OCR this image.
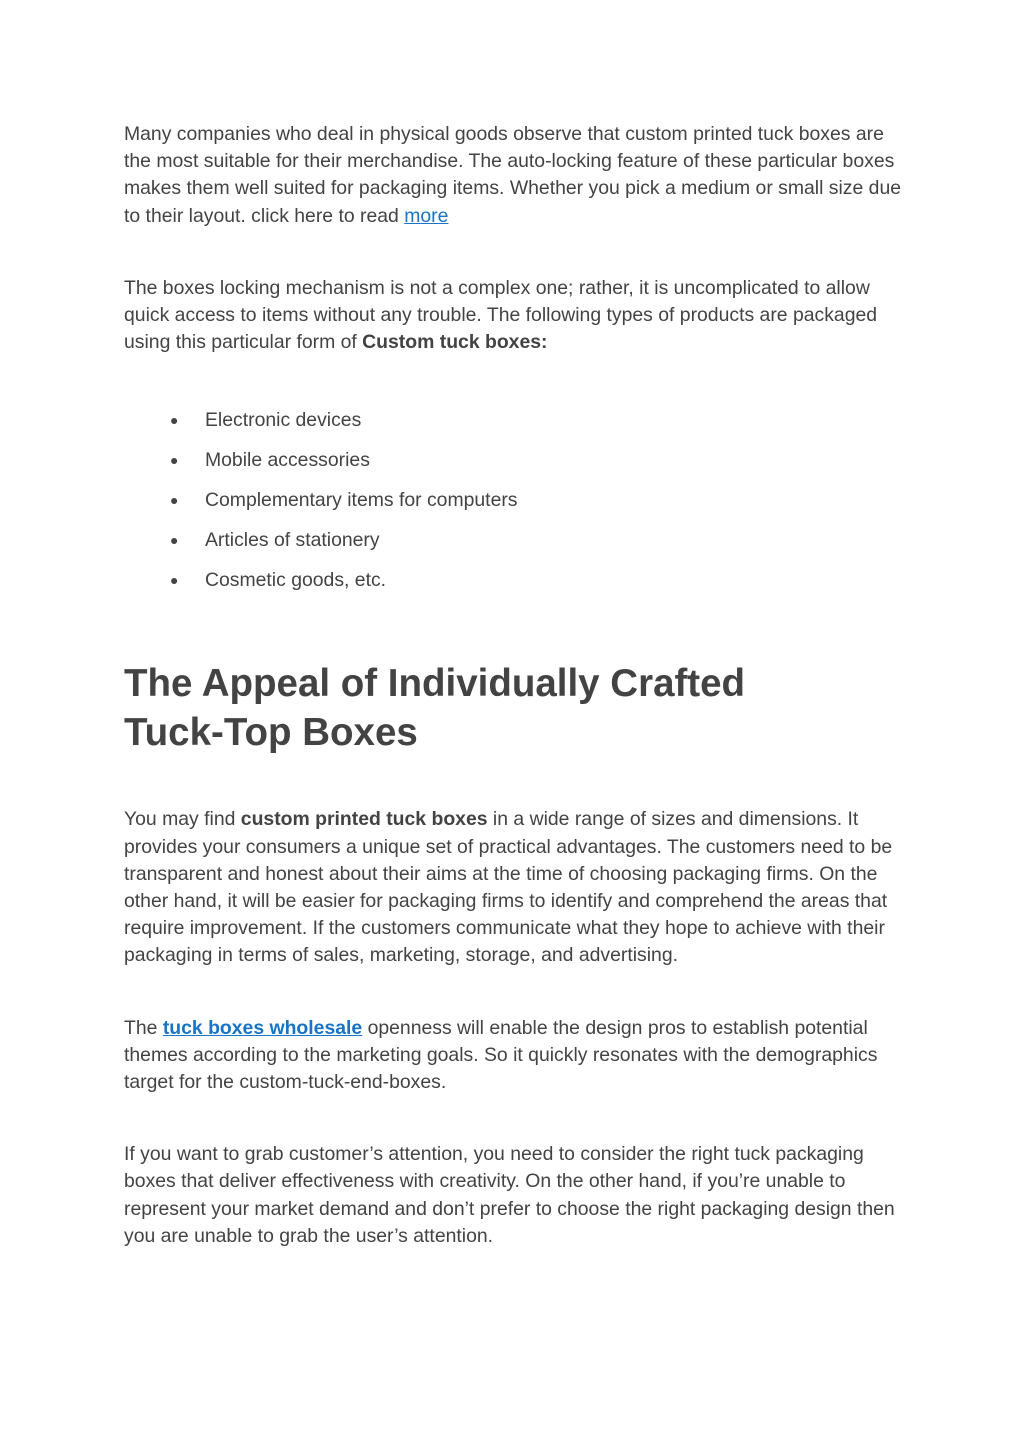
Many companies who deal in physical goods observe that custom printed tuck boxes are the most suitable for their merchandise. The auto-locking feature of these particular boxes makes them well suited for packaging items. Whether you pick a medium or small size due to their layout. click here to read more

The boxes locking mechanism is not a complex one; rather, it is uncomplicated to allow quick access to items without any trouble. The following types of products are packaged using this particular form of Custom tuck boxes:

● Electronic devices
● Mobile accessories
● Complementary items for computers
● Articles of stationery
● Cosmetic goods, etc.
The Appeal of Individually Crafted Tuck-Top Boxes

You may find custom printed tuck boxes in a wide range of sizes and dimensions. It provides your consumers a unique set of practical advantages. The customers need to be transparent and honest about their aims at the time of choosing packaging firms. On the other hand, it will be easier for packaging firms to identify and comprehend the areas that require improvement. If the customers communicate what they hope to achieve with their packaging in terms of sales, marketing, storage, and advertising.

The tuck boxes wholesale openness will enable the design pros to establish potential themes according to the marketing goals. So it quickly resonates with the demographics target for the custom-tuck-end-boxes.

If you want to grab customer’s attention, you need to consider the right tuck packaging boxes that deliver effectiveness with creativity. On the other hand, if you’re unable to represent your market demand and don’t prefer to choose the right packaging design then you are unable to grab the user’s attention.
